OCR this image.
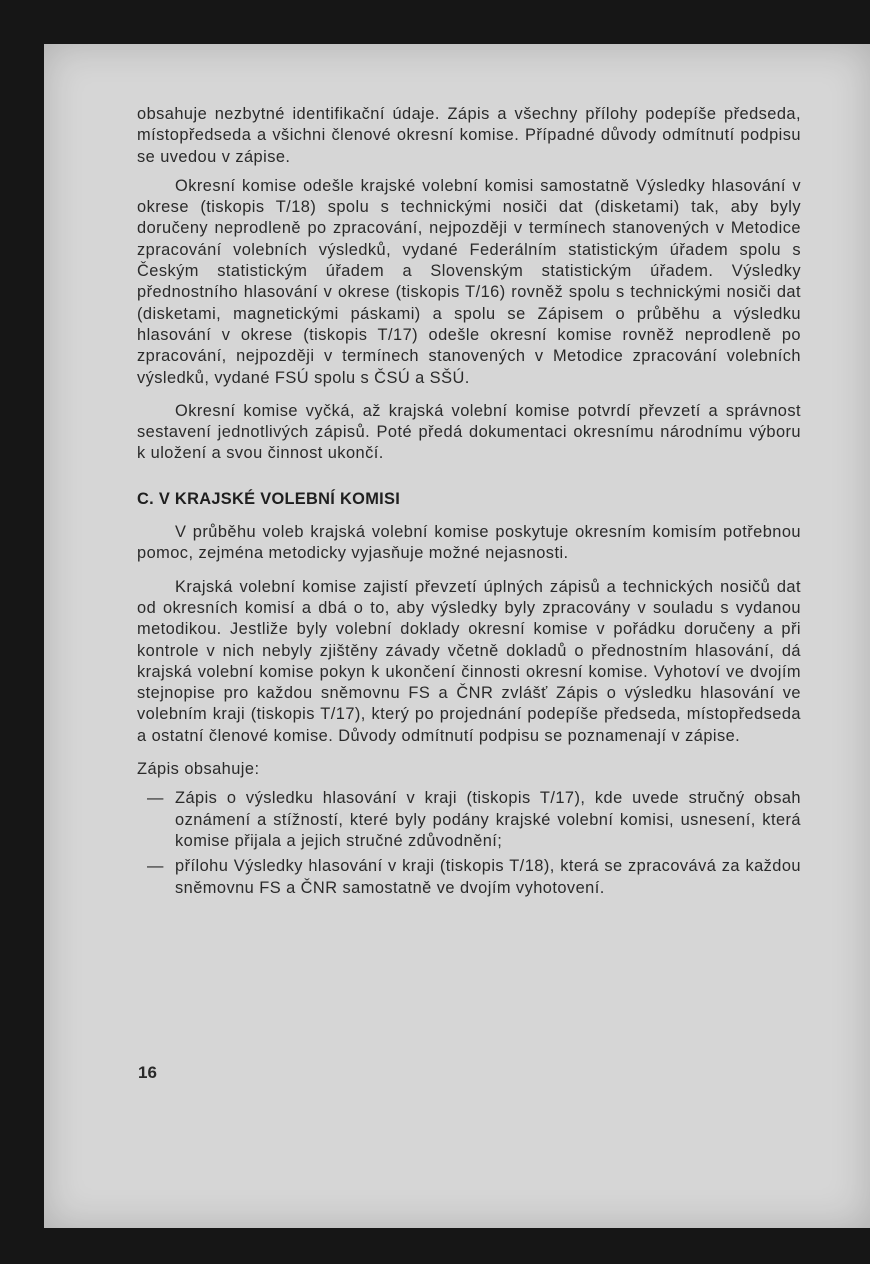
obsahuje nezbytné identifikační údaje. Zápis a všechny přílohy podepíše předseda, místopředseda a všichni členové okresní komise. Případné důvody odmítnutí podpisu se uvedou v zápise.

Okresní komise odešle krajské volební komisi samostatně Výsledky hlasování v okrese (tiskopis T/18) spolu s technickými nosiči dat (disketami) tak, aby byly doručeny neprodleně po zpracování, nejpozději v termínech stanovených v Metodice zpracování volebních výsledků, vydané Federálním statistickým úřadem spolu s Českým statistickým úřadem a Slovenským statistickým úřadem. Výsledky přednostního hlasování v okrese (tiskopis T/16) rovněž spolu s technickými nosiči dat (disketami, magnetickými páskami) a spolu se Zápisem o průběhu a výsledku hlasování v okrese (tiskopis T/17) odešle okresní komise rovněž neprodleně po zpracování, nejpozději v termínech stanovených v Metodice zpracování volebních výsledků, vydané FSÚ spolu s ČSÚ a SŠÚ.

Okresní komise vyčká, až krajská volební komise potvrdí převzetí a správnost sestavení jednotlivých zápisů. Poté předá dokumentaci okresnímu národnímu výboru k uložení a svou činnost ukončí.

C. V KRAJSKÉ VOLEBNÍ KOMISI

V průběhu voleb krajská volební komise poskytuje okresním komisím potřebnou pomoc, zejména metodicky vyjasňuje možné nejasnosti.

Krajská volební komise zajistí převzetí úplných zápisů a technických nosičů dat od okresních komisí a dbá o to, aby výsledky byly zpracovány v souladu s vydanou metodikou. Jestliže byly volební doklady okresní komise v pořádku doručeny a při kontrole v nich nebyly zjištěny závady včetně dokladů o přednostním hlasování, dá krajská volební komise pokyn k ukončení činnosti okresní komise. Vyhotoví ve dvojím stejnopise pro každou sněmovnu FS a ČNR zvlášť Zápis o výsledku hlasování ve volebním kraji (tiskopis T/17), který po projednání podepíše předseda, místopředseda a ostatní členové komise. Důvody odmítnutí podpisu se poznamenají v zápise.

Zápis obsahuje:

— Zápis o výsledku hlasování v kraji (tiskopis T/17), kde uvede stručný obsah oznámení a stížností, které byly podány krajské volební komisi, usnesení, která komise přijala a jejich stručné zdůvodnění;
— přílohu Výsledky hlasování v kraji (tiskopis T/18), která se zpracovává za každou sněmovnu FS a ČNR samostatně ve dvojím vyhotovení.
16
